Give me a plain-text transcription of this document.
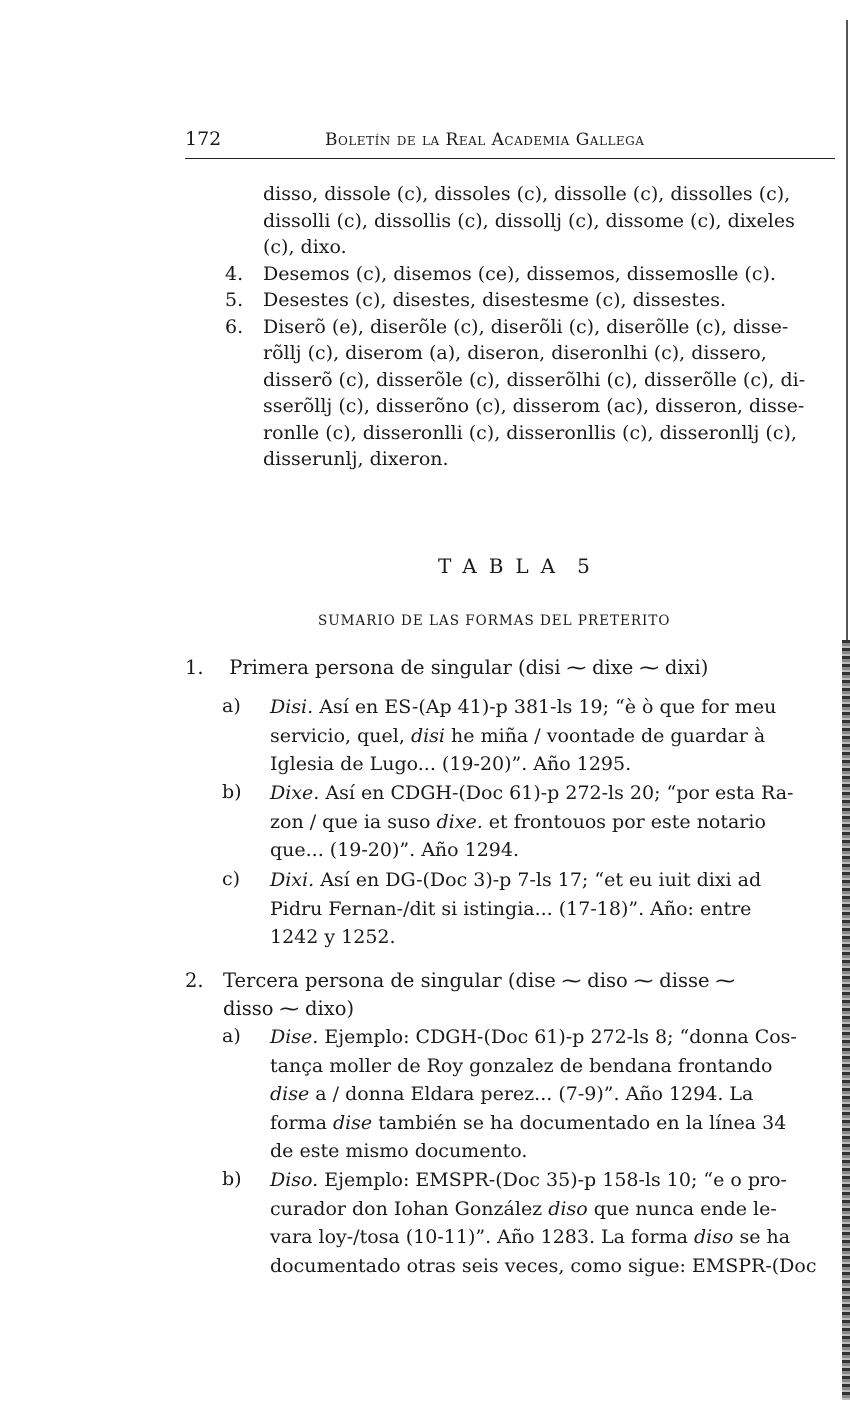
172	Boletín de la Real Academia Gallega
disso, dissole (c), dissoles (c), dissolle (c), dissolles (c),
dissolli (c), dissollis (c), dissollj (c), dissome (c), dixeles
(c), dixo.
4. Desemos (c), disemos (ce), dissemos, dissemoslle (c).
5. Desestes (c), disestes, disestesme (c), dissestes.
6. Diserõ (e), diserõle (c), diserõli (c), diserõlle (c), disse-
rõllj (c), diserom (a), diseron, diseronlhi (c), dissero,
disserõ (c), disserõle (c), disserõlhi (c), disserõlle (c), di-
sserõllj (c), disserõno (c), disserom (ac), disseron, disse-
ronlle (c), disseronlli (c), disseronllis (c), disseronllj (c),
disserunlj, dixeron.
TABLA 5
SUMARIO DE LAS FORMAS DEL PRETERITO
1. Primera persona de singular (disi ⁓ dixe ⁓ dixi)
a) Disi. Así en ES-(Ap 41)-p 381-ls 19; “è ò que for meu
servicio, quel, disi he miña / voontade de guardar à
Iglesia de Lugo... (19-20)”. Año 1295.
b) Dixe. Así en CDGH-(Doc 61)-p 272-ls 20; “por esta Ra-
zon / que ia suso dixe. et frontouos por este notario
que... (19-20)”. Año 1294.
c) Dixi. Así en DG-(Doc 3)-p 7-ls 17; “et eu iuit dixi ad
Pidru Fernan-/dit si istingia... (17-18)”. Año: entre
1242 y 1252.
2. Tercera persona de singular (dise ⁓ diso ⁓ disse ⁓
disso ⁓ dixo)
a) Dise. Ejemplo: CDGH-(Doc 61)-p 272-ls 8; “donna Cos-
tança moller de Roy gonzalez de bendana frontando
dise a / donna Eldara perez... (7-9)”. Año 1294. La
forma dise también se ha documentado en la línea 34
de este mismo documento.
b) Diso. Ejemplo: EMSPR-(Doc 35)-p 158-ls 10; “e o pro-
curador don Iohan González diso que nunca ende le-
vara loy-/tosa (10-11)”. Año 1283. La forma diso se ha
documentado otras seis veces, como sigue: EMSPR-(Doc
